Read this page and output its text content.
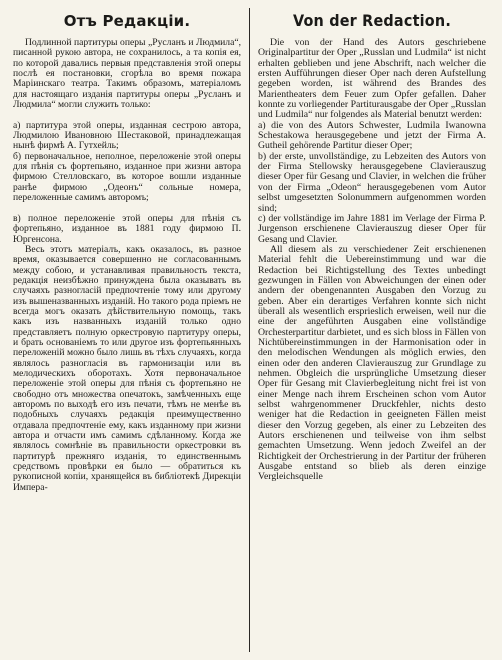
Отъ Редакціи.

Подлинной партитуры оперы „Русланъ и Людмила“, писанной рукою автора, не сохранилось, а та копія ея, по которой давались первыя представленія этой оперы послѣ ея постановки, сгорѣла во время пожара Маріинскаго театра. Такимъ образомъ, матеріаломъ для настоящаго изданія партитуры оперы „Русланъ и Людмила“ могли служить только:

а) партитура этой оперы, изданная сестрою автора, Людмилою Ивановною Шестаковой, принадлежащая нынѣ фирмѣ А. Гутхейль;

б) первоначальное, неполное, переложеніе этой оперы для пѣнія съ фортепьяно, изданное при жизни автора фирмою Стелловскаго, въ которое вошли изданные ранѣе фирмою „Одеонъ“ сольные номера, переложенные самимъ авторомъ;

в) полное переложеніе этой оперы для пѣнія съ фортепьяно, изданное въ 1881 году фирмою П. Юргенсона.

Весь этотъ матеріалъ, какъ оказалось, въ разное время, оказывается совершенно не согласованнымъ между собою, и устанавливая правильность текста, редакція неизбѣжно принуждена была оказывать въ случаяхъ разногласій предпочтеніе тому или другому изъ вышеназванныхъ изданій. Но такого рода пріемъ не всегда могъ оказать дѣйствительную помощь, такъ какъ изъ названныхъ изданій только одно представляетъ полную оркестровую партитуру оперы, и брать основаніемъ то или другое изъ фортепьянныхъ переложеній можно было лишь въ тѣхъ случаяхъ, когда являлось разногласія въ гармонизаціи или въ мелодическихъ оборотахъ. Хотя первоначальное переложеніе этой оперы для пѣнія съ фортепьяно не свободно отъ множества опечатокъ, замѣченныхъ еще авторомъ по выходѣ его изъ печати, тѣмъ не менѣе въ подобныхъ случаяхъ редакція преимущественно отдавала предпочтеніе ему, какъ изданному при жизни автора и отчасти имъ самимъ сдѣланному. Когда же являлось сомнѣніе въ правильности оркестровки въ партитурѣ прежняго изданія, то единственнымъ средствомъ провѣрки ея было — обратиться къ рукописной копіи, хранящейся въ библіотекѣ Дирекціи Импера-

Von der Redaction.

Die von der Hand des Autors geschriebene Originalpartitur der Oper „Russlan und Ludmila“ ist nicht erhalten geblieben und jene Abschrift, nach welcher die ersten Aufführungen dieser Oper nach deren Aufstellung gegeben worden, ist während des Brandes des Marientheaters dem Feuer zum Opfer gefallen. Daher konnte zu vorliegender Partiturausgabe der Oper „Russlan und Ludmila“ nur folgendes als Material benutzt werden:

a) die von des Autors Schwester, Ludmila Iwanowna Schestakowa herausgegebene und jetzt der Firma A. Gutheil gehörende Partitur dieser Oper;

b) der erste, unvollständige, zu Lebzeiten des Autors von der Firma Stellowsky herausgegebene Clavierauszug dieser Oper für Gesang und Clavier, in welchen die früher von der Firma „Odeon“ herausgegebenen vom Autor selbst umgesetzten Solonummern aufgenommen worden sind;

c) der vollständige im Jahre 1881 im Verlage der Firma P. Jurgenson erschienene Clavierauszug dieser Oper für Gesang und Clavier.

All diesem als zu verschiedener Zeit erschienenen Material fehlt die Uebereinstimmung und war die Redaction bei Richtigstellung des Textes unbedingt gezwungen in Fällen von Abweichungen der einen oder andern der obengenannten Ausgaben den Vorzug zu geben. Aber ein derartiges Verfahren konnte sich nicht überall als wesentlich ersprieslich erweisen, weil nur die eine der angeführten Ausgaben eine vollständige Orchesterpartitur darbietet, und es sich bloss in Fällen von Nichtübereinstimmungen in der Harmonisation oder in den melodischen Wendungen als möglich erwies, den einen oder den anderen Clavierauszug zur Grundlage zu nehmen. Obgleich die ursprüngliche Umsetzung dieser Oper für Gesang mit Clavierbegleitung nicht frei ist von einer Menge nach ihrem Erscheinen schon vom Autor selbst wahrgenommener Druckfehler, nichts desto weniger hat die Redaction in geeigneten Fällen meist dieser den Vorzug gegeben, als einer zu Lebzeiten des Autors erschienenen und teilweise von ihm selbst gemachten Umsetzung. Wenn jedoch Zweifel an der Richtigkeit der Orchestrierung in der Partitur der früheren Ausgabe entstand so blieb als deren einzige Vergleichsquelle
